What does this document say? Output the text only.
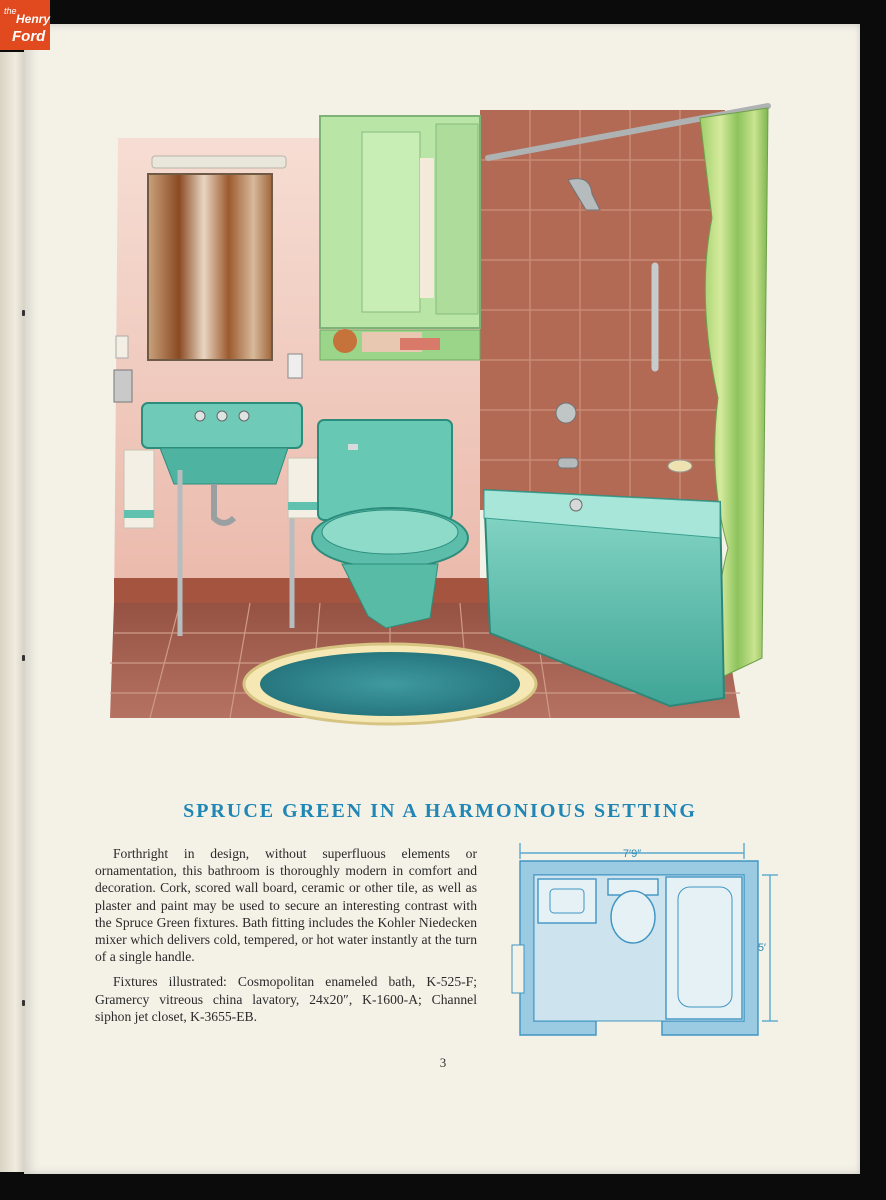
the
Henry
Ford
SPRUCE GREEN IN A HARMONIOUS SETTING

Forthright in design, without superfluous elements or ornamentation, this bathroom is thoroughly modern in comfort and decoration. Cork, scored wall board, ceramic or other tile, as well as plaster and paint may be used to secure an interesting contrast with the Spruce Green fixtures. Bath fitting includes the Kohler Niedecken mixer which delivers cold, tempered, or hot water instantly at the turn of a single handle.

Fixtures illustrated: Cosmopolitan enameled bath, K-525-F; Gramercy vitreous china lavatory, 24x20″, K-1600-A; Channel siphon jet closet, K-3655-EB.

7′9″
5′
3
